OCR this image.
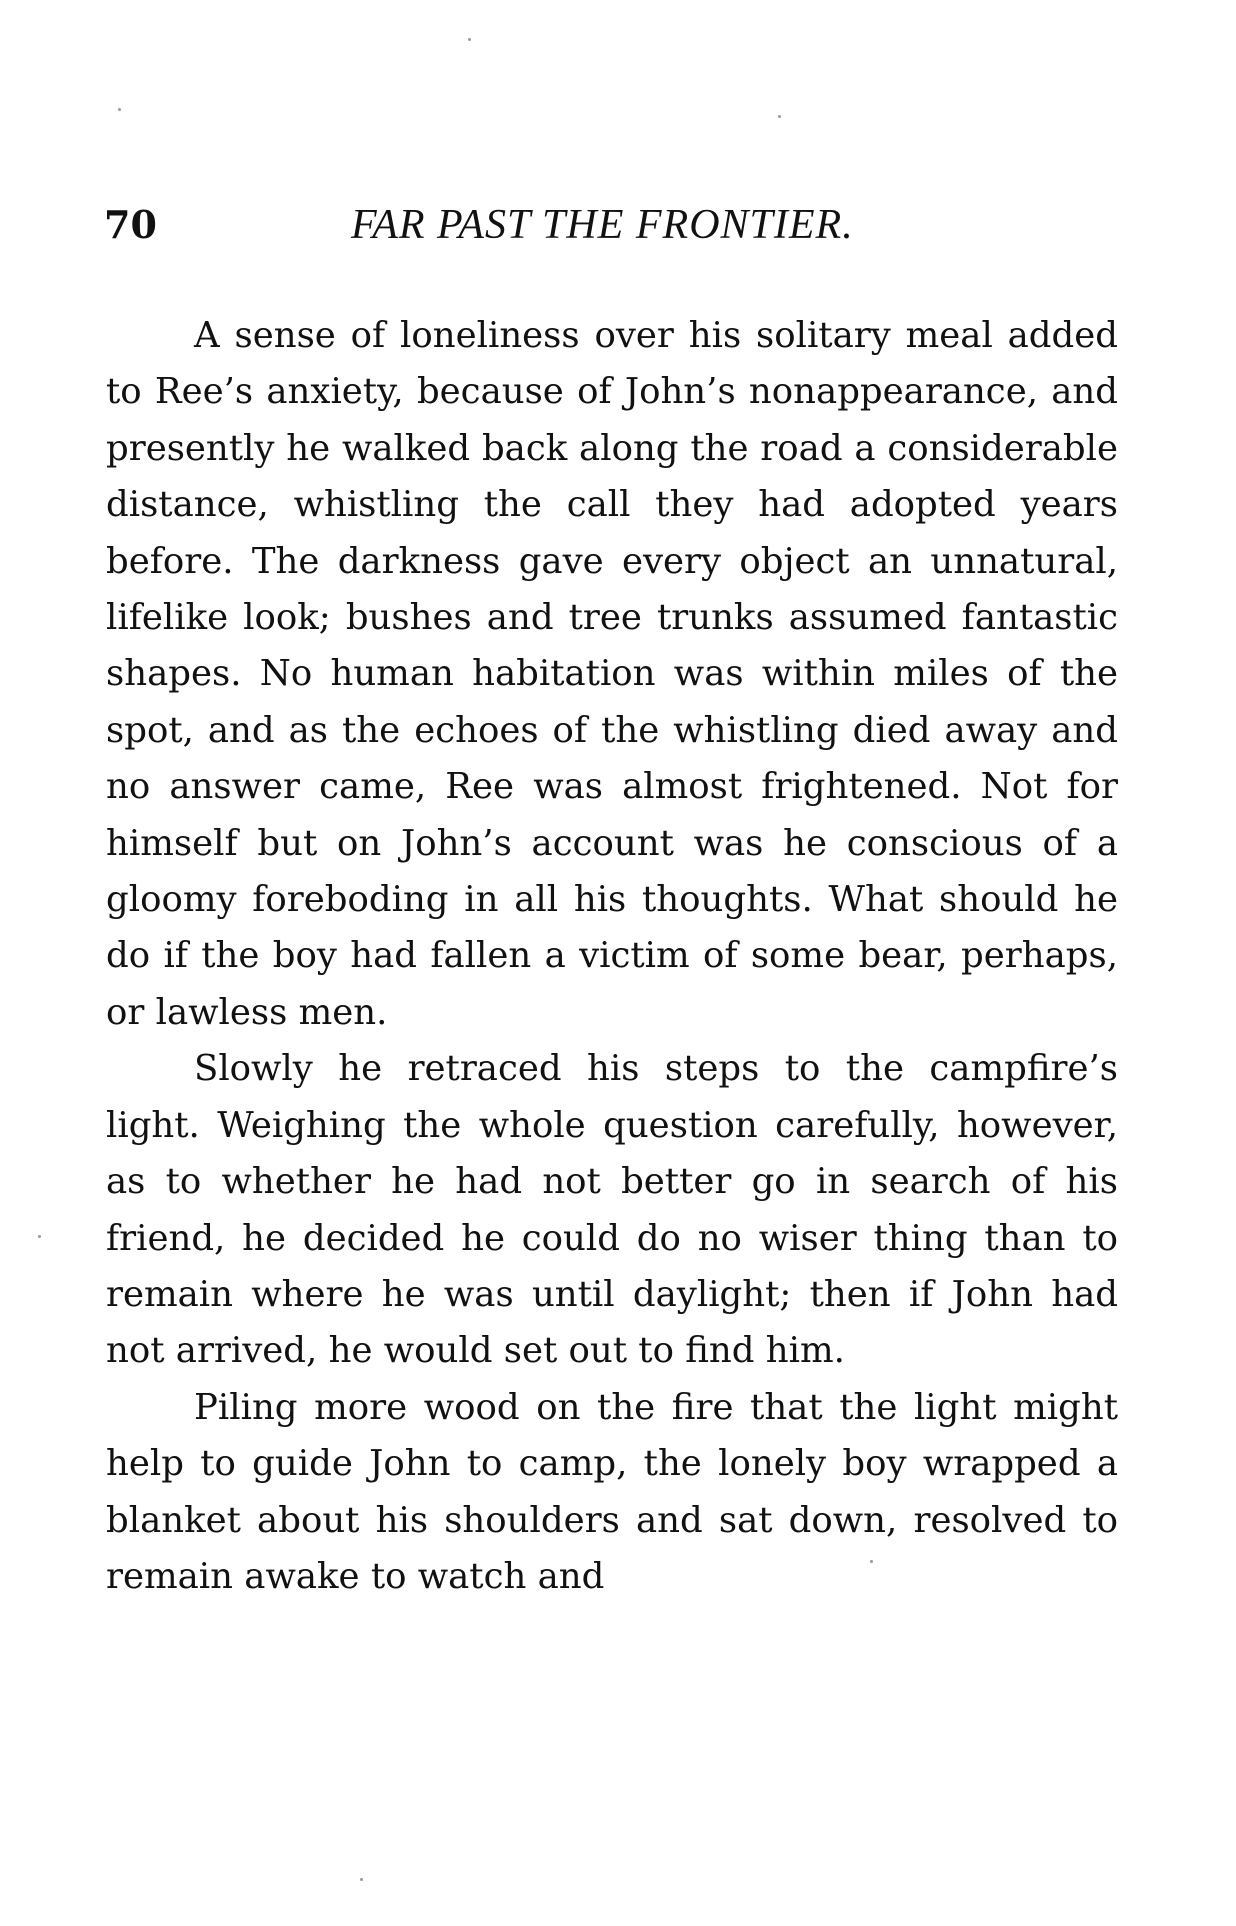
70	FAR PAST THE FRONTIER.

A sense of loneliness over his solitary meal added to Ree’s anxiety, because of John’s nonappearance, and presently he walked back along the road a considerable distance, whistling the call they had adopted years before. The darkness gave every object an unnatural, lifelike look; bushes and tree trunks assumed fantastic shapes. No human habitation was within miles of the spot, and as the echoes of the whistling died away and no answer came, Ree was almost frightened. Not for himself but on John’s account was he conscious of a gloomy foreboding in all his thoughts. What should he do if the boy had fallen a victim of some bear, perhaps, or lawless men.

Slowly he retraced his steps to the campfire’s light. Weighing the whole question carefully, however, as to whether he had not better go in search of his friend, he decided he could do no wiser thing than to remain where he was until daylight; then if John had not arrived, he would set out to find him.

Piling more wood on the fire that the light might help to guide John to camp, the lonely boy wrapped a blanket about his shoulders and sat down, resolved to remain awake to watch and
